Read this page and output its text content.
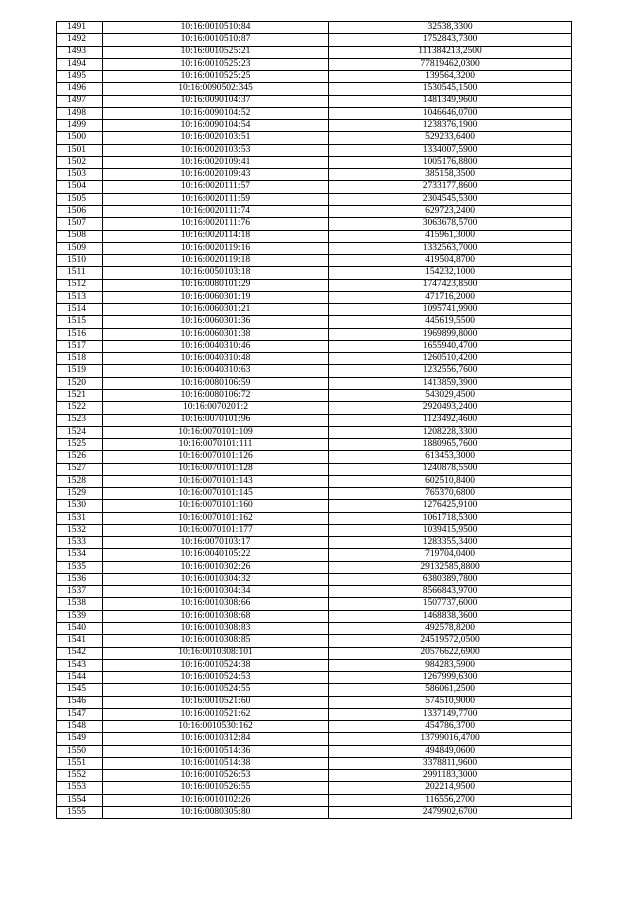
1491	10:16:0010510:84	32538,3300
1492	10:16:0010510:87	1752843,7300
1493	10:16:0010525:21	111384213,2500
1494	10:16:0010525:23	77819462,0300
1495	10:16:0010525:25	139564,3200
1496	10:16:0090502:345	1530545,1500
1497	10:16:0090104:37	1481349,9600
1498	10:16:0090104:52	1046646,0700
1499	10:16:0090104:54	1238376,1900
1500	10:16:0020103:51	529233,6400
1501	10:16:0020103:53	1334007,5900
1502	10:16:0020109:41	1005176,8800
1503	10:16:0020109:43	385158,3500
1504	10:16:0020111:57	2733177,8600
1505	10:16:0020111:59	2304545,5300
1506	10:16:0020111:74	629723,2400
1507	10:16:0020111:76	3063678,5700
1508	10:16:0020114:18	415961,3000
1509	10:16:0020119:16	1332563,7000
1510	10:16:0020119:18	419504,8700
1511	10:16:0050103:18	154232,1000
1512	10:16:0080101:29	1747423,8500
1513	10:16:0060301:19	471716,2000
1514	10:16:0060301:21	1095741,9900
1515	10:16:0060301:36	445619,5500
1516	10:16:0060301:38	1969899,8000
1517	10:16:0040310:46	1655940,4700
1518	10:16:0040310:48	1260510,4200
1519	10:16:0040310:63	1232556,7600
1520	10:16:0080106:59	1413859,3900
1521	10:16:0080106:72	543029,4500
1522	10:16:0070201:2	2920493,2400
1523	10:16:0070101:96	1123492,4600
1524	10:16:0070101:109	1208228,3300
1525	10:16:0070101:111	1880965,7600
1526	10:16:0070101:126	613453,3000
1527	10:16:0070101:128	1240878,5500
1528	10:16:0070101:143	602510,8400
1529	10:16:0070101:145	765370,6800
1530	10:16:0070101:160	1276425,9100
1531	10:16:0070101:162	1061718,5300
1532	10:16:0070101:177	1039415,9500
1533	10:16:0070103:17	1283355,3400
1534	10:16:0040105:22	719704,0400
1535	10:16:0010302:26	29132585,8800
1536	10:16:0010304:32	6380389,7800
1537	10:16:0010304:34	8566843,9700
1538	10:16:0010308:66	1507737,6000
1539	10:16:0010308:68	1468838,3600
1540	10:16:0010308:83	492578,8200
1541	10:16:0010308:85	24519572,0500
1542	10:16:0010308:101	20576622,6900
1543	10:16:0010524:38	984283,5900
1544	10:16:0010524:53	1267999,6300
1545	10:16:0010524:55	586061,2500
1546	10:16:0010521:60	574510,9000
1547	10:16:0010521:62	1337149,7700
1548	10:16:0010530:162	454786,3700
1549	10:16:0010312:84	13799016,4700
1550	10:16:0010514:36	494849,0600
1551	10:16:0010514:38	3378811,9600
1552	10:16:0010526:53	2991183,3000
1553	10:16:0010526:55	202214,9500
1554	10:16:0010102:26	116556,2700
1555	10:16:0080305:80	2479902,6700
